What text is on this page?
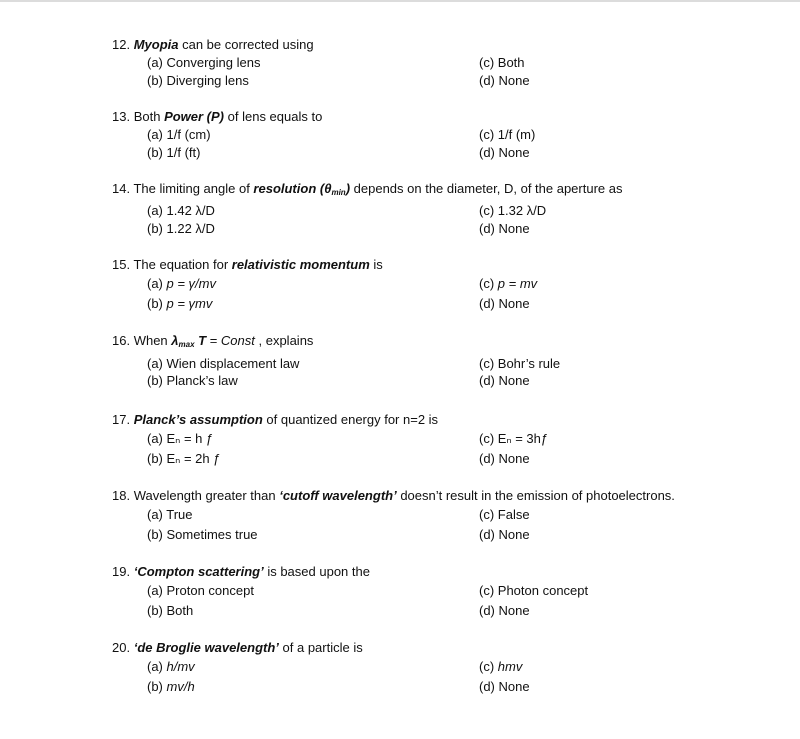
12. Myopia can be corrected using
(a) Converging lens
(b) Diverging lens
(c) Both
(d) None
13. Both Power (P) of lens equals to
(a) 1/f (cm)
(b) 1/f (ft)
(c) 1/f (m)
(d) None
14. The limiting angle of resolution $(\theta_{min})$ depends on the diameter, D, of the aperture as
(a) 1.42 λ/D
(b) 1.22 λ/D
(c) 1.32 λ/D
(d) None
15. The equation for relativistic momentum is
(a) p = γ/mv
(b) p = γmv
(c) p = mv
(d) None
16. When $\lambda_{max}$ T = Const , explains
(a) Wien displacement law
(b) Planck’s law
(c) Bohr’s rule
(d) None
17. Planck’s assumption of quantized energy for n=2 is
(a) Eₙ = h ƒ
(b) Eₙ = 2h ƒ
(c) Eₙ = 3hƒ
(d) None
18. Wavelength greater than ‘cutoff wavelength’ doesn’t result in the emission of photoelectrons.
(a) True
(b) Sometimes true
(c) False
(d) None
19. ‘Compton scattering’ is based upon the
(a) Proton concept
(b) Both
(c) Photon concept
(d) None
20. ‘de Broglie wavelength’ of a particle is
(a) h/mv
(b) mv/h
(c) hmv
(d) None
